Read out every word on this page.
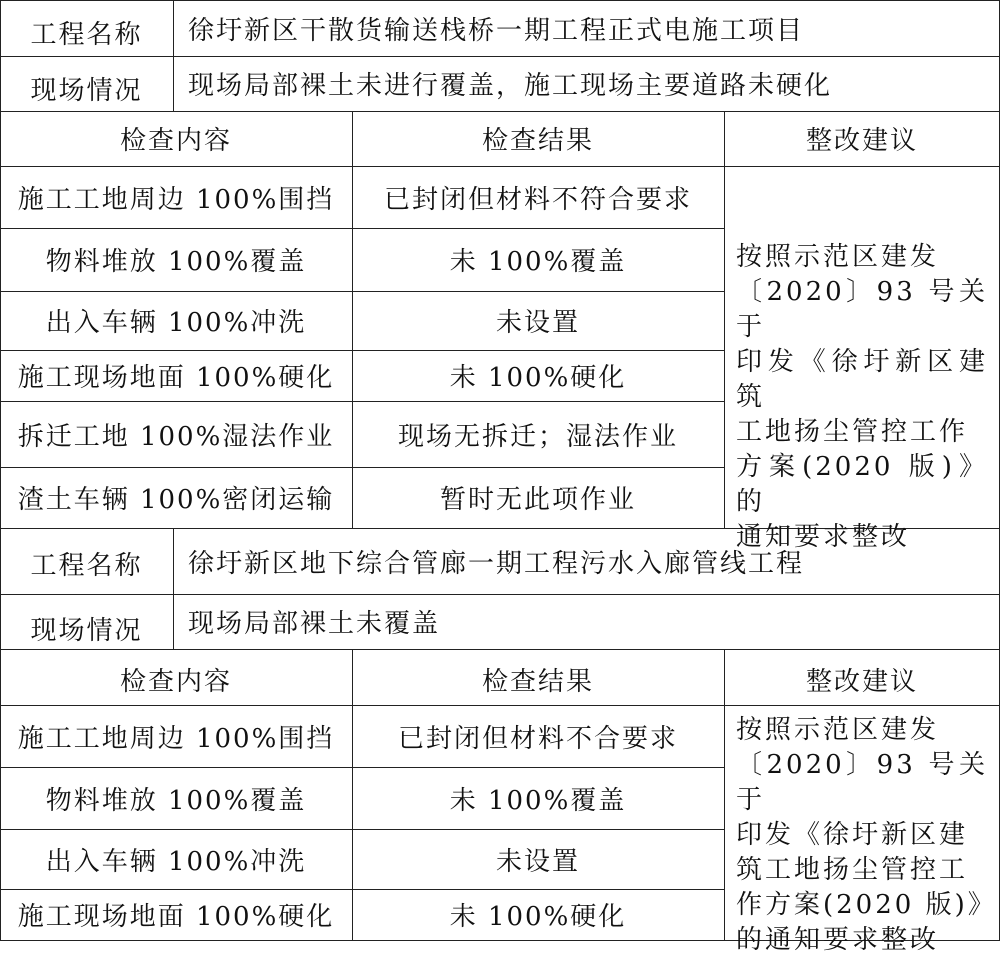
工程名称	徐圩新区干散货输送栈桥一期工程正式电施工项目
现场情况	现场局部裸土未进行覆盖，施工现场主要道路未硬化
检查内容	检查结果	整改建议
施工工地周边 100%围挡	已封闭但材料不符合要求
物料堆放 100%覆盖	未 100%覆盖
出入车辆 100%冲洗	未设置
施工现场地面 100%硬化	未 100%硬化
拆迁工地 100%湿法作业	现场无拆迁；湿法作业
渣土车辆 100%密闭运输	暂时无此项作业
按照示范区建发
〔2020〕93 号关于
印发《徐圩新区建筑
工地扬尘管控工作
方案(2020 版)》的
通知要求整改
工程名称	徐圩新区地下综合管廊一期工程污水入廊管线工程
现场情况	现场局部裸土未覆盖
检查内容	检查结果	整改建议
施工工地周边 100%围挡	已封闭但材料不合要求
物料堆放 100%覆盖	未 100%覆盖
出入车辆 100%冲洗	未设置
施工现场地面 100%硬化	未 100%硬化
按照示范区建发
〔2020〕93 号关于
印发《徐圩新区建
筑工地扬尘管控工
作方案(2020 版)》
的通知要求整改
